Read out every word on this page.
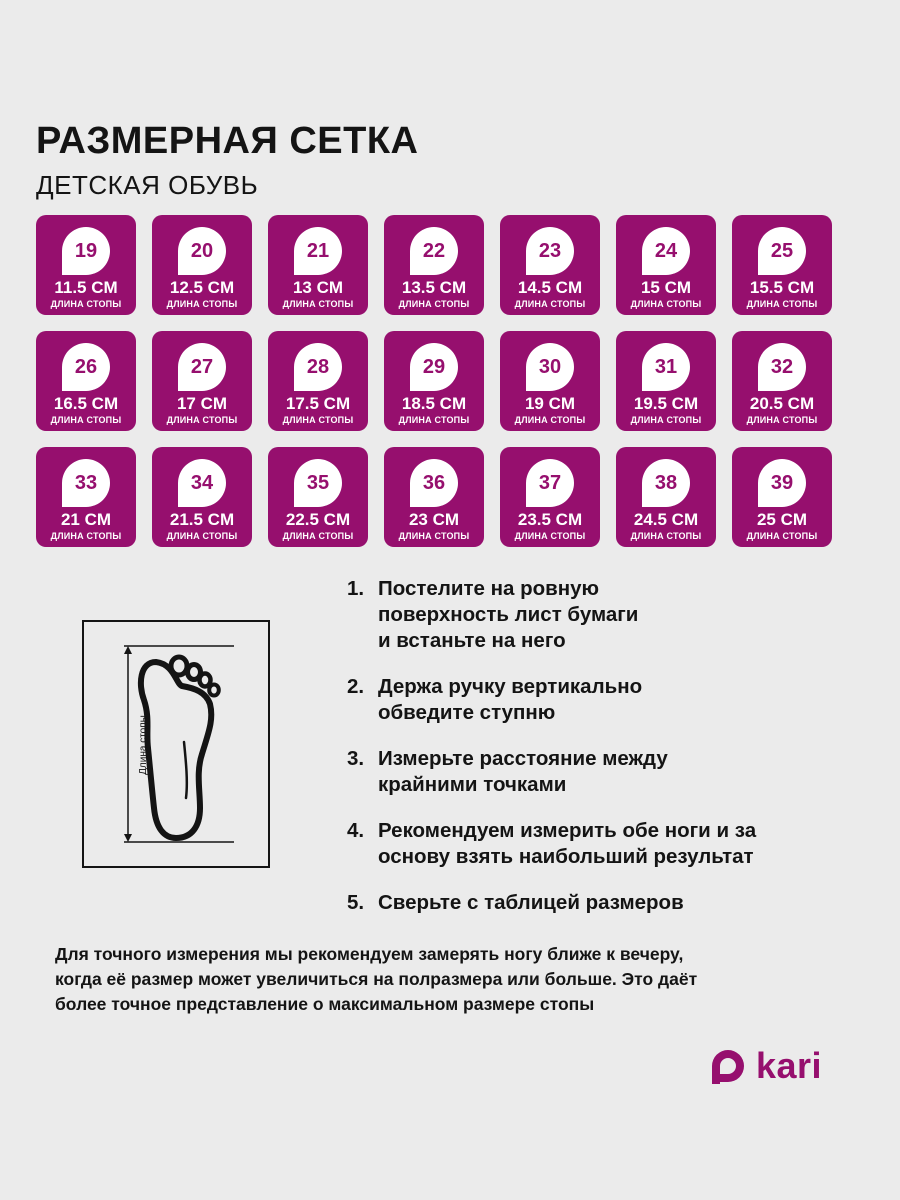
РАЗМЕРНАЯ СЕТКА
ДЕТСКАЯ ОБУВЬ
19
11.5 CM
ДЛИНА СТОПЫ
20
12.5 CM
ДЛИНА СТОПЫ
21
13 CM
ДЛИНА СТОПЫ
22
13.5 CM
ДЛИНА СТОПЫ
23
14.5 CM
ДЛИНА СТОПЫ
24
15 CM
ДЛИНА СТОПЫ
25
15.5 CM
ДЛИНА СТОПЫ
26
16.5 CM
ДЛИНА СТОПЫ
27
17 CM
ДЛИНА СТОПЫ
28
17.5 CM
ДЛИНА СТОПЫ
29
18.5 CM
ДЛИНА СТОПЫ
30
19 CM
ДЛИНА СТОПЫ
31
19.5 CM
ДЛИНА СТОПЫ
32
20.5 CM
ДЛИНА СТОПЫ
33
21 CM
ДЛИНА СТОПЫ
34
21.5 CM
ДЛИНА СТОПЫ
35
22.5 CM
ДЛИНА СТОПЫ
36
23 CM
ДЛИНА СТОПЫ
37
23.5 CM
ДЛИНА СТОПЫ
38
24.5 CM
ДЛИНА СТОПЫ
39
25 CM
ДЛИНА СТОПЫ
Длина стопы
1. Постелите на ровную
поверхность лист бумаги
и встаньте на него
2. Держа ручку вертикально
обведите ступню
3. Измерьте расстояние между
крайними точками
4. Рекомендуем измерить обе ноги и за
основу взять наибольший результат
5. Сверьте с таблицей размеров
Для точного измерения мы рекомендуем замерять ногу ближе к вечеру,
когда её размер может увеличиться на полразмера или больше. Это даёт
более точное представление о максимальном размере стопы
kari
